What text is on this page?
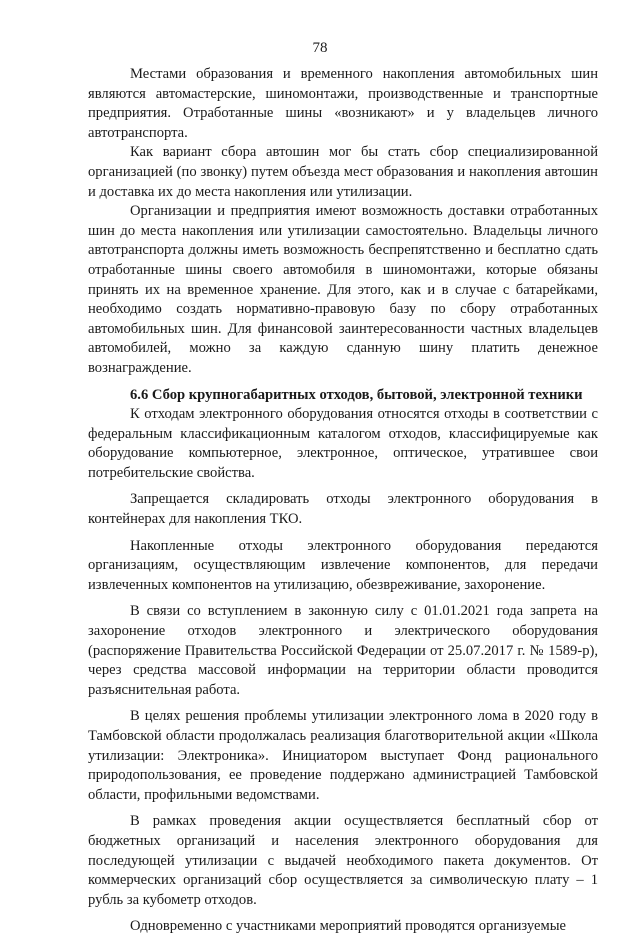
78

Местами образования и временного накопления автомобильных шин являются автомастерские, шиномонтажи, производственные и транспортные предприятия. Отработанные шины «возникают» и у владельцев личного автотранспорта.

Как вариант сбора автошин мог бы стать сбор специализированной организацией (по звонку) путем объезда мест образования и накопления автошин и доставка их до места накопления или утилизации.

Организации и предприятия имеют возможность доставки отработанных шин до места накопления или утилизации самостоятельно. Владельцы личного автотранспорта должны иметь возможность беспрепятственно и бесплатно сдать отработанные шины своего автомобиля в шиномонтажи, которые обязаны принять их на временное хранение. Для этого, как и в случае с батарейками, необходимо создать нормативно-правовую базу по сбору отработанных автомобильных шин. Для финансовой заинтересованности частных владельцев автомобилей, можно за каждую сданную шину платить денежное вознаграждение.

6.6 Сбор крупногабаритных отходов, бытовой, электронной техники

К отходам электронного оборудования относятся отходы в соответствии с федеральным классификационным каталогом отходов, классифицируемые как оборудование компьютерное, электронное, оптическое, утратившее свои потребительские свойства.

Запрещается складировать отходы электронного оборудования в контейнерах для накопления ТКО.

Накопленные отходы электронного оборудования передаются организациям, осуществляющим извлечение компонентов, для передачи извлеченных компонентов на утилизацию, обезвреживание, захоронение.

В связи со вступлением в законную силу с 01.01.2021 года запрета на захоронение отходов электронного и электрического оборудования (распоряжение Правительства Российской Федерации от 25.07.2017 г. № 1589-р), через средства массовой информации на территории области проводится разъяснительная работа.

В целях решения проблемы утилизации электронного лома в 2020 году в Тамбовской области продолжалась реализация благотворительной акции «Школа утилизации: Электроника». Инициатором выступает Фонд рационального природопользования, ее проведение поддержано администрацией Тамбовской области, профильными ведомствами.

В рамках проведения акции осуществляется бесплатный сбор от бюджетных организаций и населения электронного оборудования для последующей утилизации с выдачей необходимого пакета документов. От коммерческих организаций сбор осуществляется за символическую плату – 1 рубль за кубометр отходов.

Одновременно с участниками мероприятий проводятся организуемые
